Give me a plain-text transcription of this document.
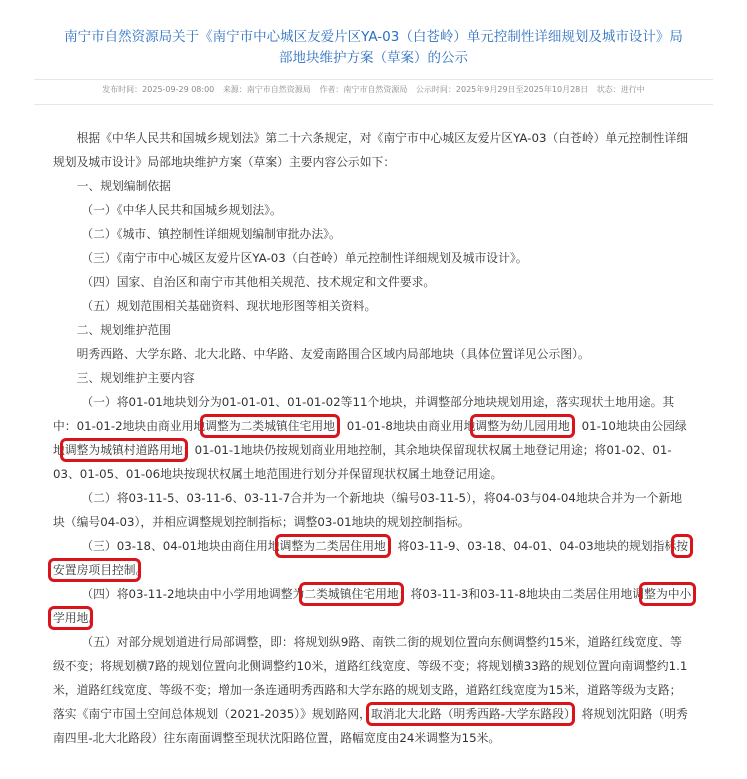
南宁市自然资源局关于《南宁市中心城区友爱片区YA-03（白苍岭）单元控制性详细规划及城市设计》局
部地块维护方案（草案）的公示
发布时间：2025-09-29 08:00 来源：南宁市自然资源局 作者：南宁市自然资源局 公示时间：2025年9月29日至2025年10月28日 状态：进行中

根据《中华人民共和国城乡规划法》第二十六条规定，对《南宁市中心城区友爱片区YA-03（白苍岭）单元控制性详细规划及城市设计》局部地块维护方案（草案）主要内容公示如下：

一、规划编制依据

（一）《中华人民共和国城乡规划法》。

（二）《城市、镇控制性详细规划编制审批办法》。

（三）《南宁市中心城区友爱片区YA-03（白苍岭）单元控制性详细规划及城市设计》。

（四）国家、自治区和南宁市其他相关规范、技术规定和文件要求。

（五）规划范围相关基础资料、现状地形图等相关资料。

二、规划维护范围

明秀西路、大学东路、北大北路、中华路、友爱南路围合区域内局部地块（具体位置详见公示图）。

三、规划维护主要内容

（一）将01-01地块划分为01-01-01、01-01-02等11个地块，并调整部分地块规划用途，落实现状土地用途。其中：01-01-2地块由商业用地调整为二类城镇住宅用地；01-01-8地块由商业用地调整为幼儿园用地；01-10地块由公园绿地调整为城镇村道路用地；01-01-1地块仍按规划商业用地控制，其余地块保留现状权属土地登记用途；将01-02、01-03、01-05、01-06地块按现状权属土地范围进行划分并保留现状权属土地登记用途。

（二）将03-11-5、03-11-6、03-11-7合并为一个新地块（编号03-11-5），将04-03与04-04地块合并为一个新地块（编号04-03），并相应调整规划控制指标；调整03-01地块的规划控制指标。

（三）03-18、04-01地块由商住用地调整为二类居住用地；将03-11-9、03-18、04-01、04-03地块的规划指标按安置房项目控制。

（四）将03-11-2地块由中小学用地调整为二类城镇住宅用地；将03-11-3和03-11-8地块由二类居住用地调整为中小学用地。

（五）对部分规划道进行局部调整，即：将规划纵9路、南铁二街的规划位置向东侧调整约15米，道路红线宽度、等级不变；将规划横7路的规划位置向北侧调整约10米，道路红线宽度、等级不变；将规划横33路的规划位置向南调整约1.1米，道路红线宽度、等级不变；增加一条连通明秀西路和大学东路的规划支路，道路红线宽度为15米，道路等级为支路；落实《南宁市国土空间总体规划（2021-2035）》规划路网，取消北大北路（明秀西路-大学东路段）；将规划沈阳路（明秀南四里-北大北路段）往东南面调整至现状沈阳路位置，路幅宽度由24米调整为15米。
